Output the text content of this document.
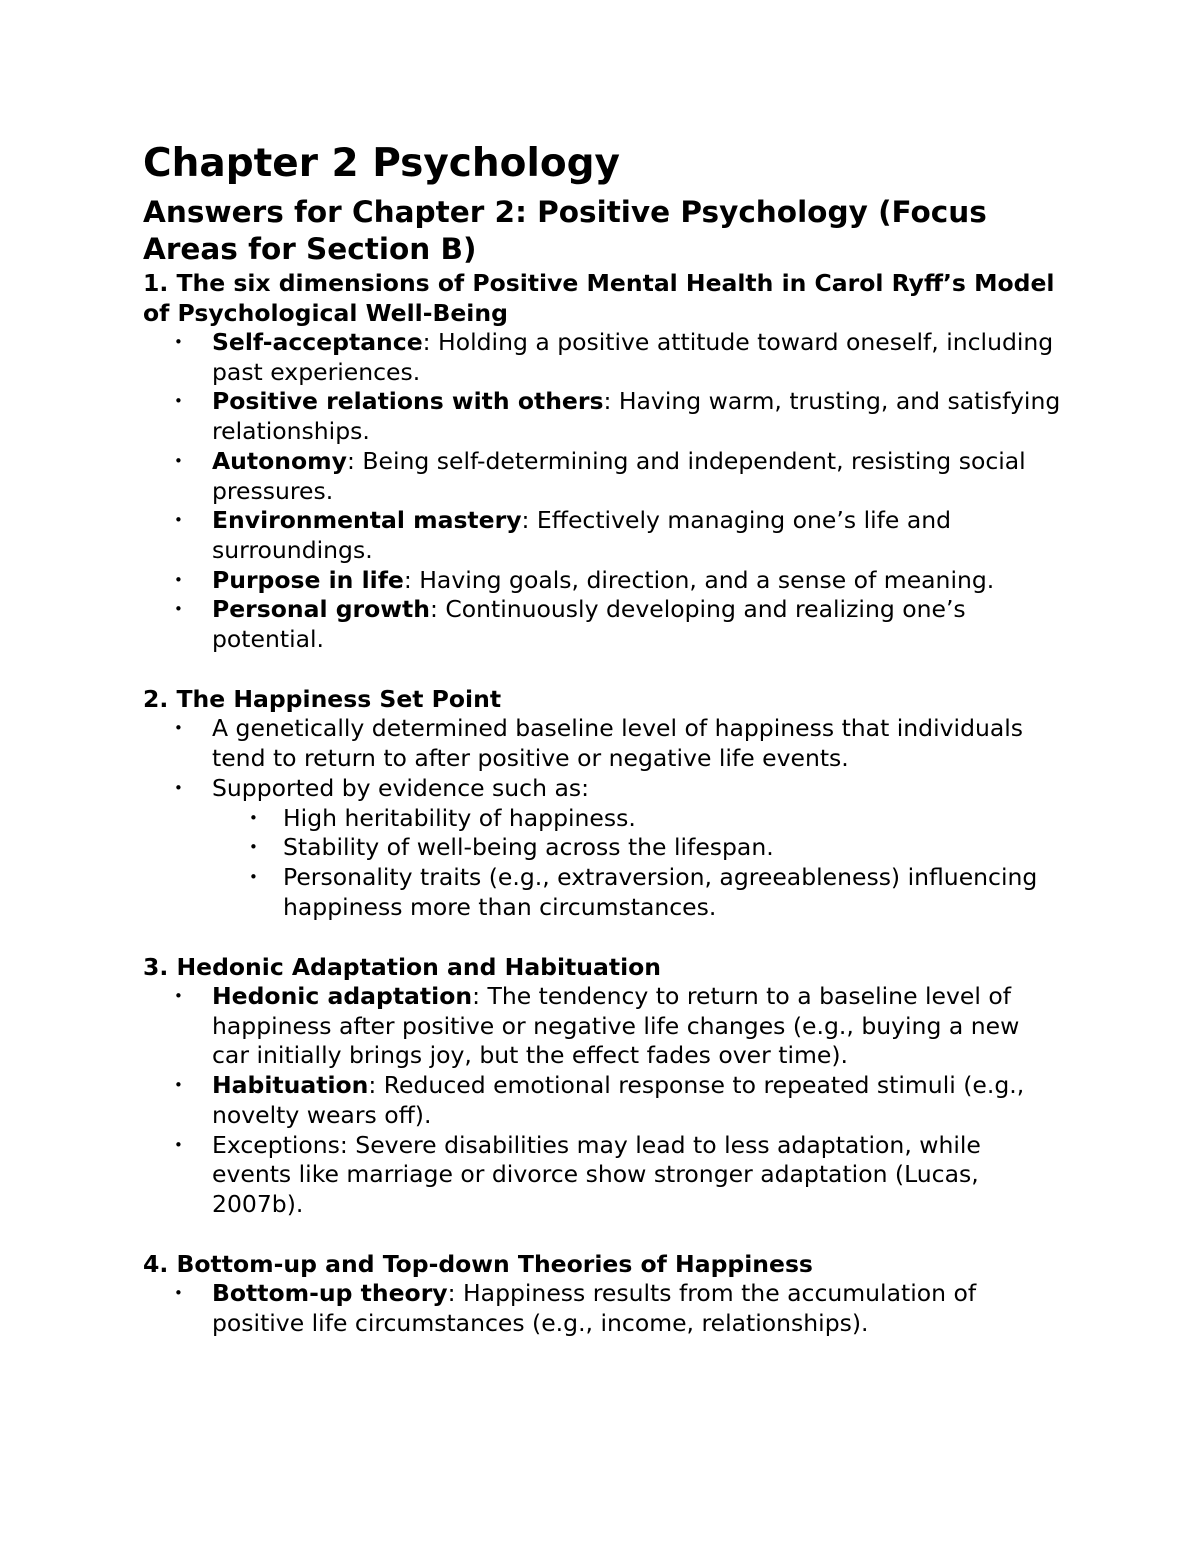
Chapter 2 Psychology
Answers for Chapter 2: Positive Psychology (Focus Areas for Section B)
1. The six dimensions of Positive Mental Health in Carol Ryff’s Model of Psychological Well-Being
• Self-acceptance: Holding a positive attitude toward oneself, including past experiences.
• Positive relations with others: Having warm, trusting, and satisfying relationships.
• Autonomy: Being self-determining and independent, resisting social pressures.
• Environmental mastery: Effectively managing one’s life and surroundings.
• Purpose in life: Having goals, direction, and a sense of meaning.
• Personal growth: Continuously developing and realizing one’s potential.
2. The Happiness Set Point
• A genetically determined baseline level of happiness that individuals tend to return to after positive or negative life events.
• Supported by evidence such as:
• High heritability of happiness.
• Stability of well-being across the lifespan.
• Personality traits (e.g., extraversion, agreeableness) influencing happiness more than circumstances.
3. Hedonic Adaptation and Habituation
• Hedonic adaptation: The tendency to return to a baseline level of happiness after positive or negative life changes (e.g., buying a new car initially brings joy, but the effect fades over time).
• Habituation: Reduced emotional response to repeated stimuli (e.g., novelty wears off).
• Exceptions: Severe disabilities may lead to less adaptation, while events like marriage or divorce show stronger adaptation (Lucas, 2007b).
4. Bottom-up and Top-down Theories of Happiness
• Bottom-up theory: Happiness results from the accumulation of positive life circumstances (e.g., income, relationships).
